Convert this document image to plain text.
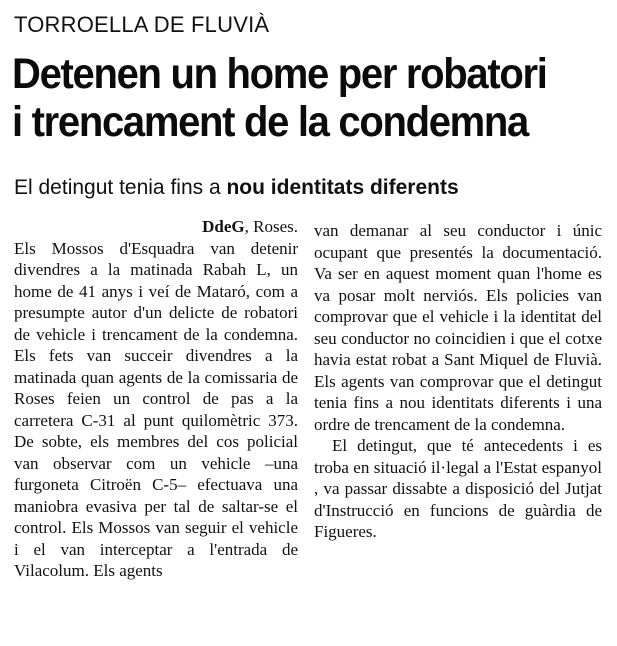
TORROELLA DE FLUVIÀ
Detenen un home per robatori
i trencament de la condemna
El detingut tenia fins a nou identitats diferents

DdeG, Roses.

Els Mossos d'Esquadra van detenir divendres a la matinada Rabah L, un home de 41 anys i veí de Mataró, com a presumpte autor d'un delicte de robatori de vehicle i trencament de la condemna. Els fets van succeir divendres a la matinada quan agents de la comissaria de Roses feien un control de pas a la carretera C-31 al punt quilomètric 373. De sobte, els membres del cos policial van observar com un vehicle –una furgoneta Citroën C-5– efectuava una maniobra evasiva per tal de saltar-se el control. Els Mossos van seguir el vehicle i el van interceptar a l'entrada de Vilacolum. Els agents

van demanar al seu conductor i únic ocupant que presentés la documentació. Va ser en aquest moment quan l'home es va posar molt nerviós. Els policies van comprovar que el vehicle i la identitat del seu conductor no coincidien i que el cotxe havia estat robat a Sant Miquel de Fluvià. Els agents van comprovar que el detingut tenia fins a nou identitats diferents i una ordre de trencament de la condemna.

El detingut, que té antecedents i es troba en situació il·legal a l'Estat espanyol , va passar dissabte a disposició del Jutjat d'Instrucció en funcions de guàrdia de Figueres.
